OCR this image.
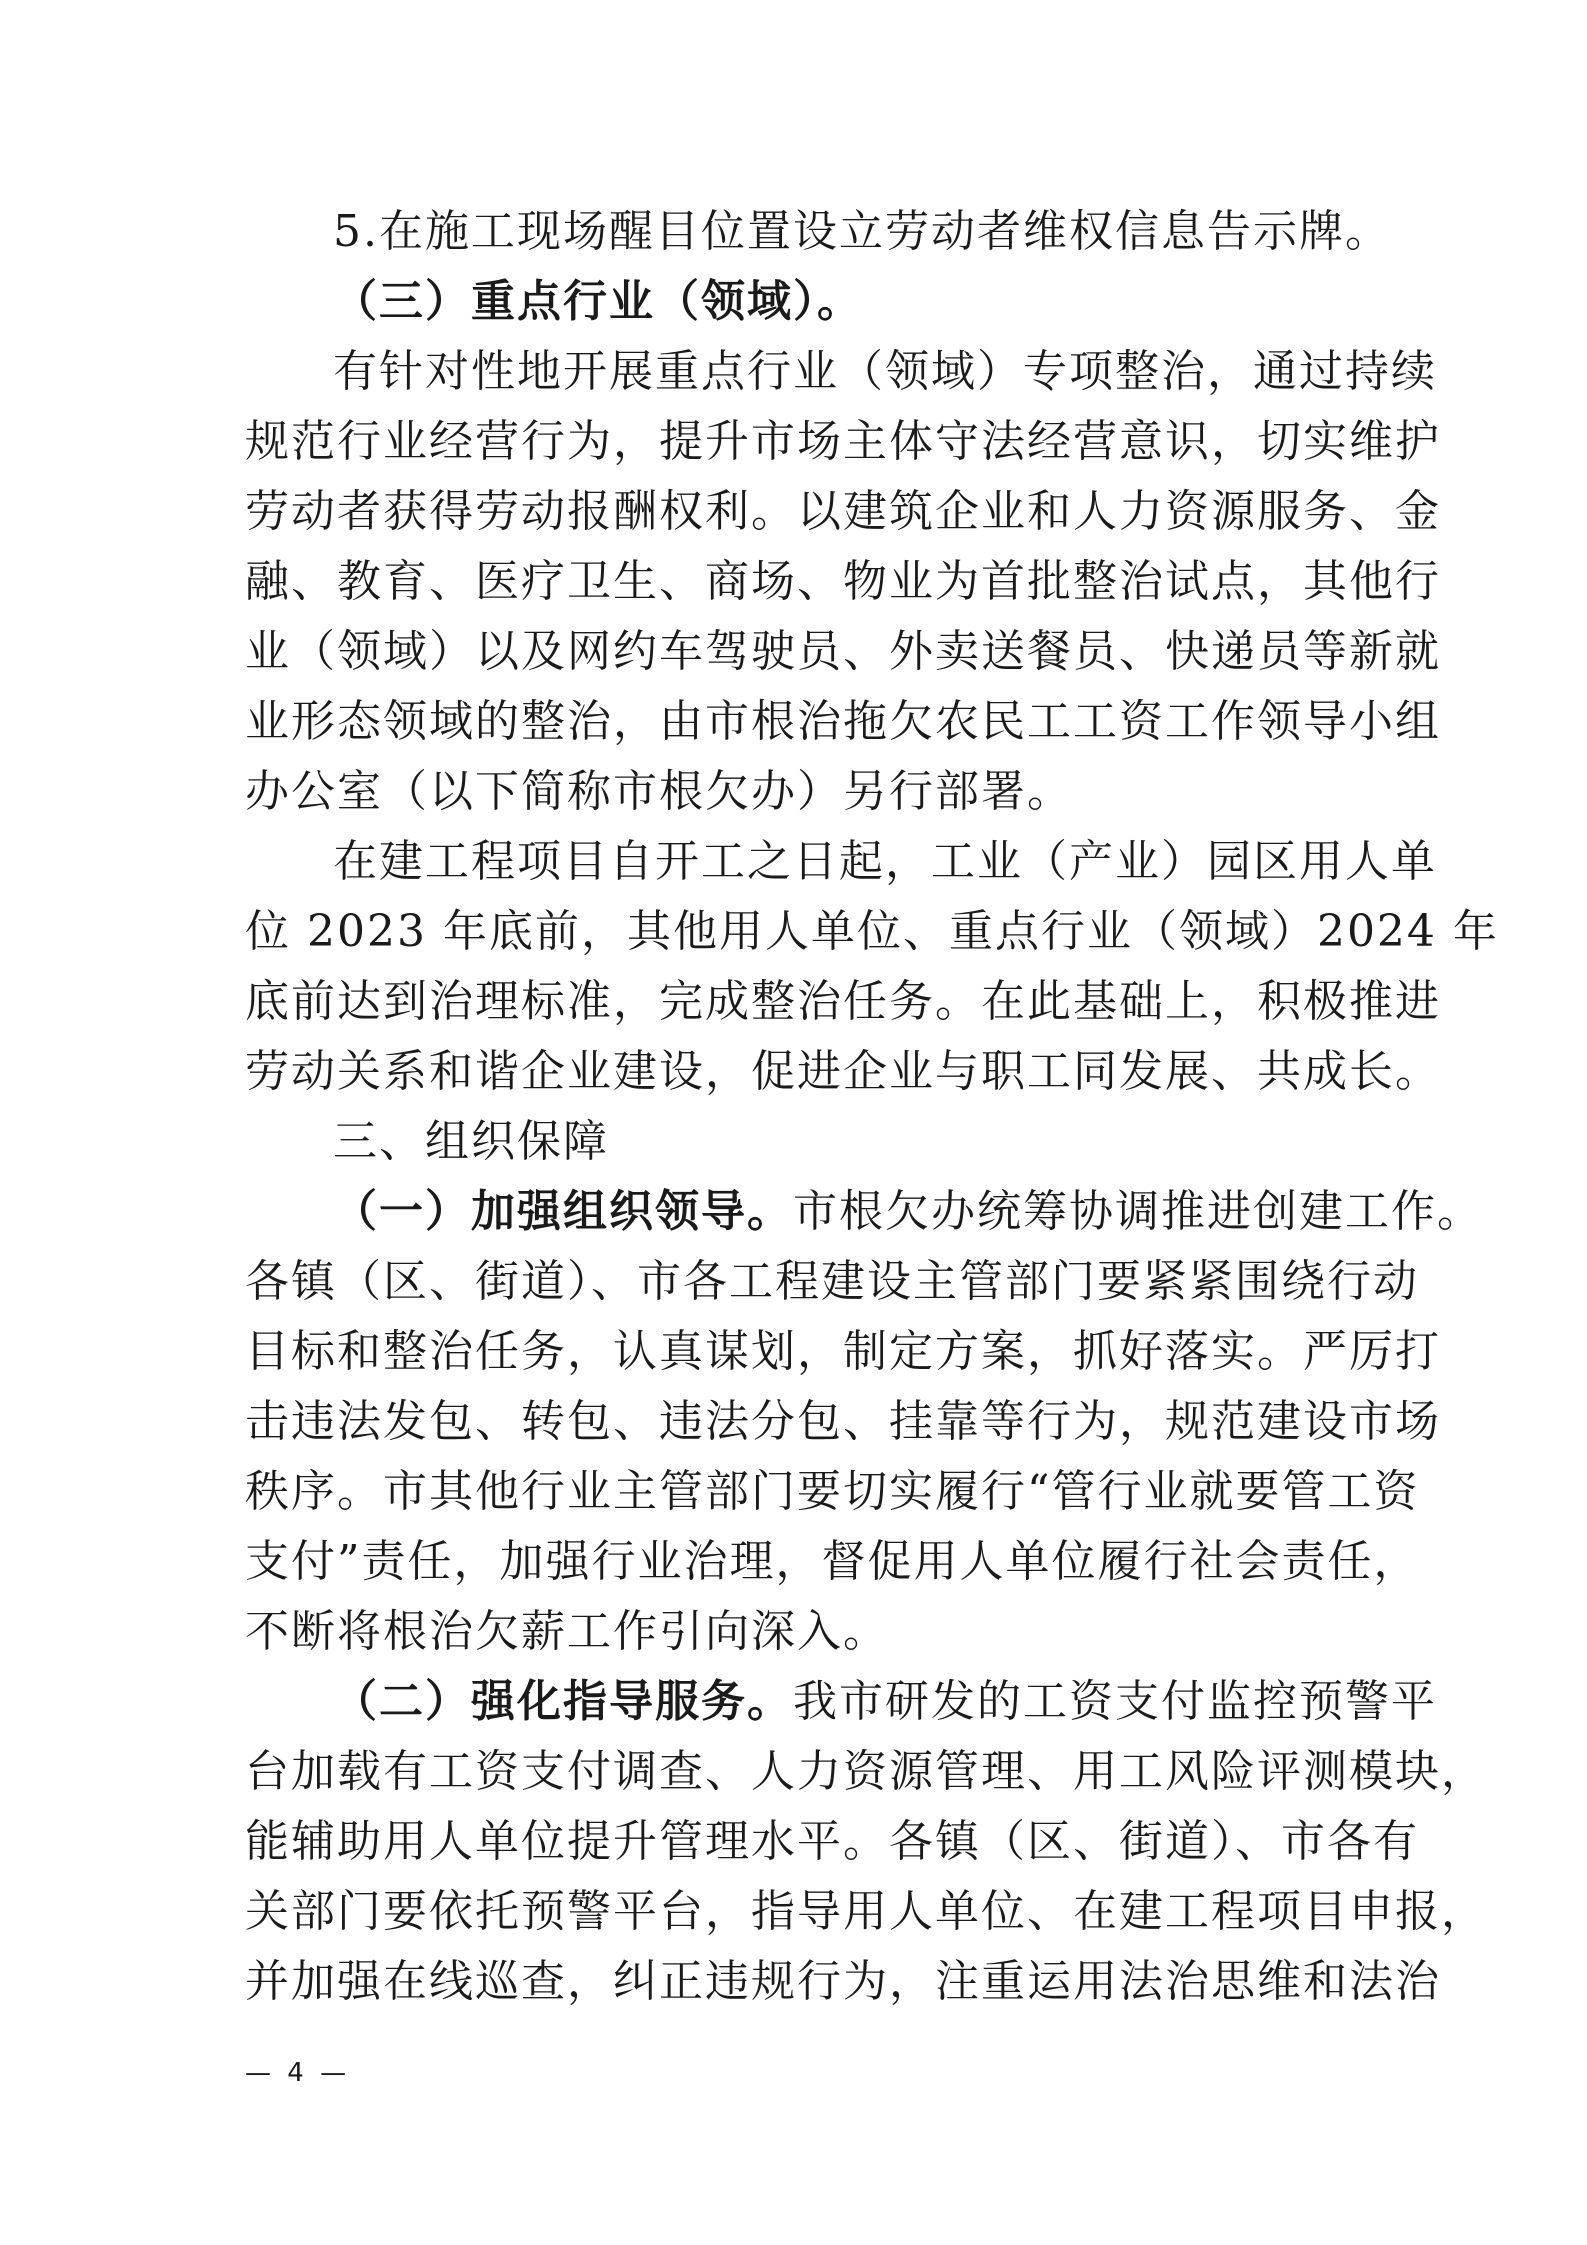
5.在施工现场醒目位置设立劳动者维权信息告示牌。
（三）重点行业（领域）。
有针对性地开展重点行业（领域）专项整治，通过持续
规范行业经营行为，提升市场主体守法经营意识，切实维护
劳动者获得劳动报酬权利。以建筑企业和人力资源服务、金
融、教育、医疗卫生、商场、物业为首批整治试点，其他行
业（领域）以及网约车驾驶员、外卖送餐员、快递员等新就
业形态领域的整治，由市根治拖欠农民工工资工作领导小组
办公室（以下简称市根欠办）另行部署。
在建工程项目自开工之日起，工业（产业）园区用人单
位 2023 年底前，其他用人单位、重点行业（领域）2024 年
底前达到治理标准，完成整治任务。在此基础上，积极推进
劳动关系和谐企业建设，促进企业与职工同发展、共成长。
三、组织保障
（一）加强组织领导。市根欠办统筹协调推进创建工作。
各镇（区、街道）、市各工程建设主管部门要紧紧围绕行动
目标和整治任务，认真谋划，制定方案，抓好落实。严厉打
击违法发包、转包、违法分包、挂靠等行为，规范建设市场
秩序。市其他行业主管部门要切实履行“管行业就要管工资
支付”责任，加强行业治理，督促用人单位履行社会责任，
不断将根治欠薪工作引向深入。
（二）强化指导服务。我市研发的工资支付监控预警平
台加载有工资支付调查、人力资源管理、用工风险评测模块，
能辅助用人单位提升管理水平。各镇（区、街道）、市各有
关部门要依托预警平台，指导用人单位、在建工程项目申报，
并加强在线巡查，纠正违规行为，注重运用法治思维和法治
— 4 —
